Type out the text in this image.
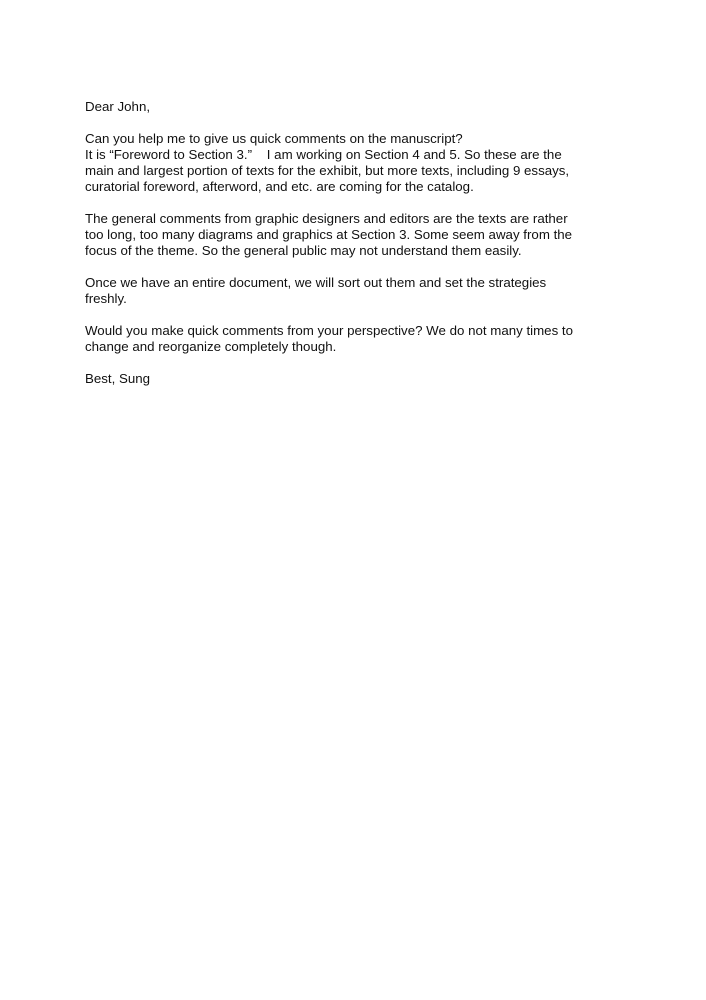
Dear John,

Can you help me to give us quick comments on the manuscript?
It is “Foreword to Section 3.”    I am working on Section 4 and 5. So these are the
main and largest portion of texts for the exhibit, but more texts, including 9 essays,
curatorial foreword, afterword, and etc. are coming for the catalog.

The general comments from graphic designers and editors are the texts are rather
too long, too many diagrams and graphics at Section 3. Some seem away from the
focus of the theme. So the general public may not understand them easily.

Once we have an entire document, we will sort out them and set the strategies
freshly.

Would you make quick comments from your perspective? We do not many times to
change and reorganize completely though.

Best, Sung
